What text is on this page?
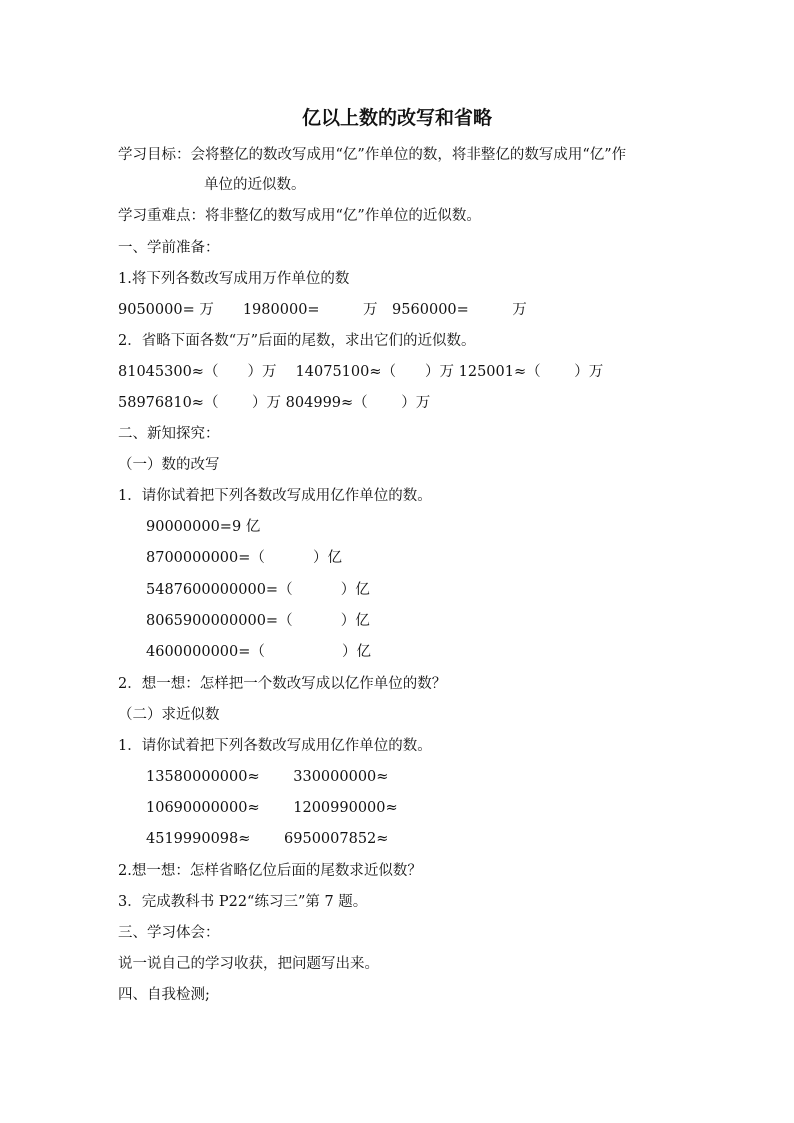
亿以上数的改写和省略
学习目标：会将整亿的数改写成用“亿”作单位的数，将非整亿的数写成用“亿”作
单位的近似数。
学习重难点：将非整亿的数写成用“亿”作单位的近似数。
一、学前准备：
1.将下列各数改写成用万作单位的数
9050000= 万　　1980000=　　　万　9560000=　　　万
2．省略下面各数“万”后面的尾数，求出它们的近似数。
81045300≈（　　）万　 14075100≈（　　）万 125001≈（　　 ）万
58976810≈（　　 ）万 804999≈（　　 ）万
二、新知探究：
（一）数的改写
1．请你试着把下列各数改写成用亿作单位的数。
90000000=9 亿
8700000000=（　　　 ）亿
5487600000000=（　　　 ）亿
8065900000000=（　　　 ）亿
4600000000=（　　　　　 ）亿
2．想一想：怎样把一个数改写成以亿作单位的数？
（二）求近似数
1．请你试着把下列各数改写成用亿作单位的数。
13580000000≈　　 330000000≈
10690000000≈　　 1200990000≈
4519990098≈　　 6950007852≈
2.想一想：怎样省略亿位后面的尾数求近似数？
3．完成教科书 P22“练习三”第 7 题。
三、学习体会：
说一说自己的学习收获，把问题写出来。
四、自我检测;
